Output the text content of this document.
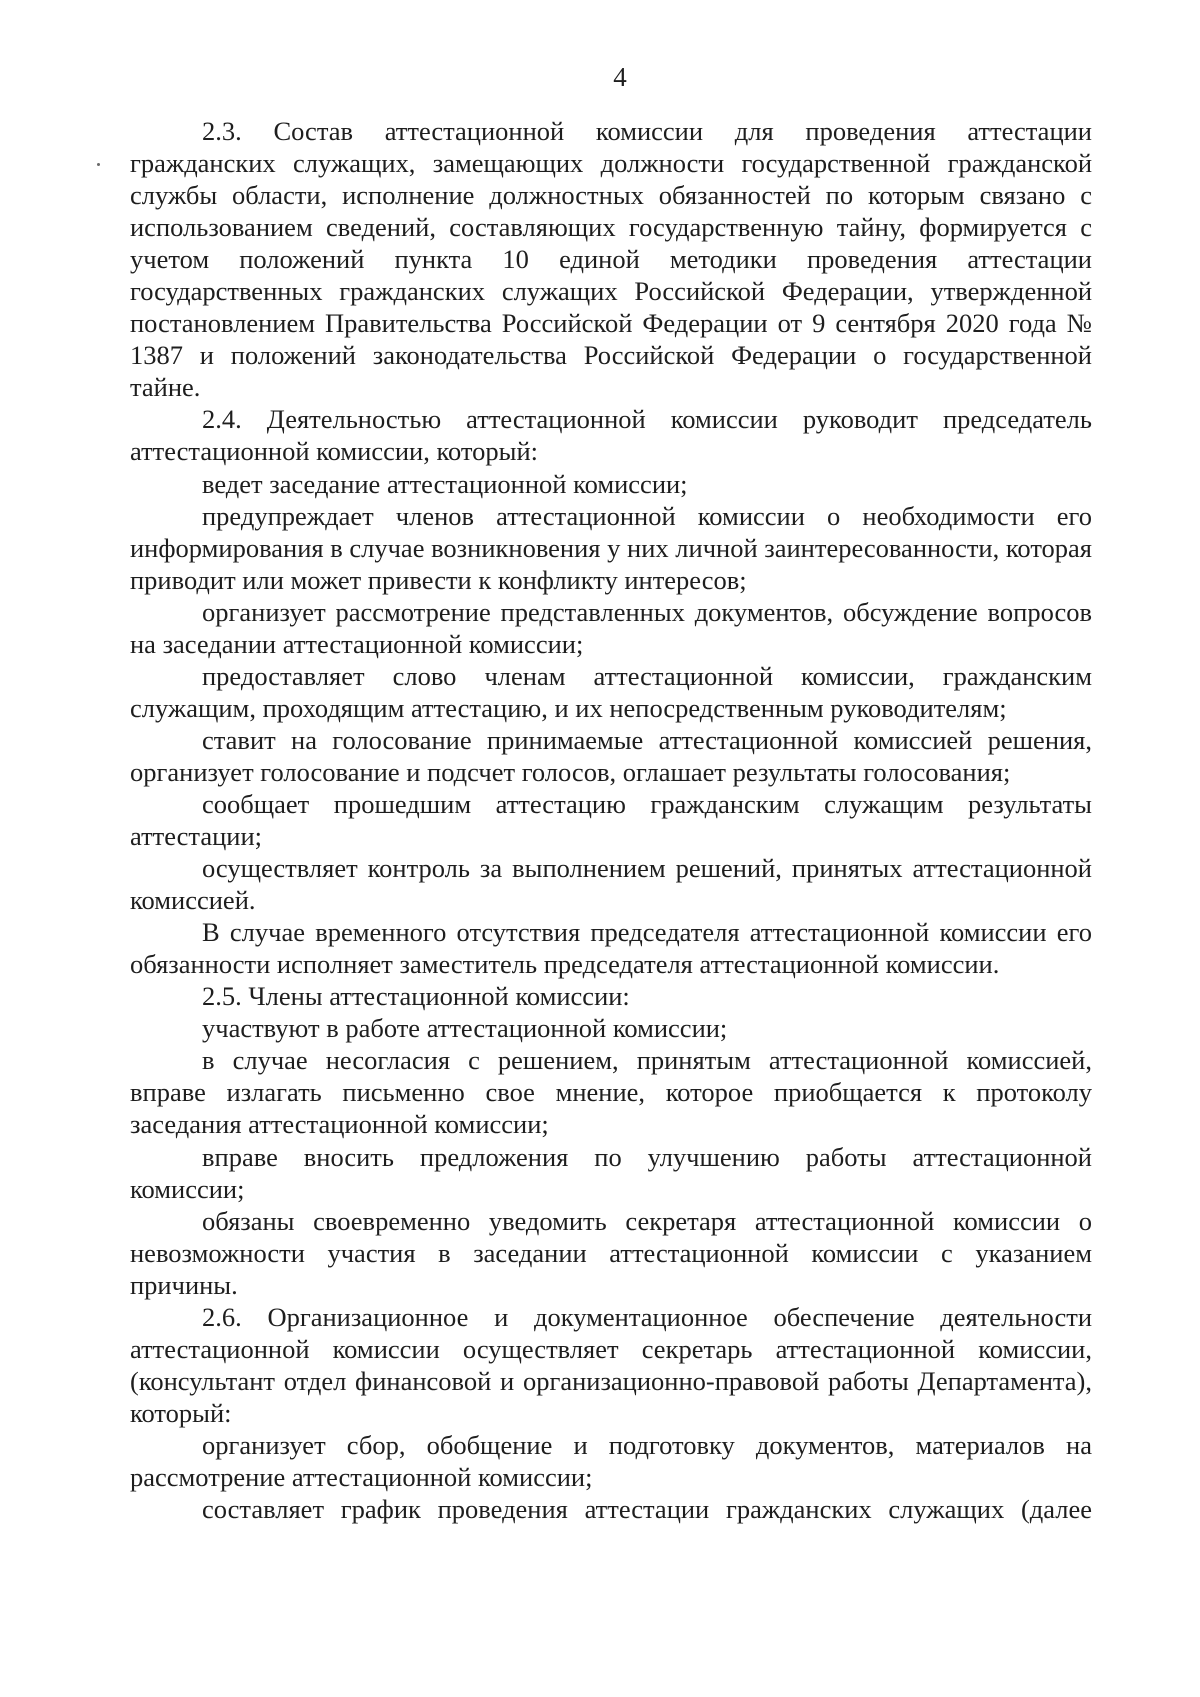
4

2.3. Состав аттестационной комиссии для проведения аттестации гражданских служащих, замещающих должности государственной гражданской службы области, исполнение должностных обязанностей по которым связано с использованием сведений, составляющих государственную тайну, формируется с учетом положений пункта 10 единой методики проведения аттестации государственных гражданских служащих Российской Федерации, утвержденной постановлением Правительства Российской Федерации от 9 сентября 2020 года № 1387 и положений законодательства Российской Федерации о государственной тайне.

2.4. Деятельностью аттестационной комиссии руководит председатель аттестационной комиссии, который:

ведет заседание аттестационной комиссии;

предупреждает членов аттестационной комиссии о необходимости его информирования в случае возникновения у них личной заинтересованности, которая приводит или может привести к конфликту интересов;

организует рассмотрение представленных документов, обсуждение вопросов на заседании аттестационной комиссии;

предоставляет слово членам аттестационной комиссии, гражданским служащим, проходящим аттестацию, и их непосредственным руководителям;

ставит на голосование принимаемые аттестационной комиссией решения, организует голосование и подсчет голосов, оглашает результаты голосования;

сообщает прошедшим аттестацию гражданским служащим результаты аттестации;

осуществляет контроль за выполнением решений, принятых аттестационной комиссией.

В случае временного отсутствия председателя аттестационной комиссии его обязанности исполняет заместитель председателя аттестационной комиссии.

2.5. Члены аттестационной комиссии:

участвуют в работе аттестационной комиссии;

в случае несогласия с решением, принятым аттестационной комиссией, вправе излагать письменно свое мнение, которое приобщается к протоколу заседания аттестационной комиссии;

вправе вносить предложения по улучшению работы аттестационной комиссии;

обязаны своевременно уведомить секретаря аттестационной комиссии о невозможности участия в заседании аттестационной комиссии с указанием причины.

2.6. Организационное и документационное обеспечение деятельности аттестационной комиссии осуществляет секретарь аттестационной комиссии, (консультант отдел финансовой и организационно-правовой работы Департамента), который:

организует сбор, обобщение и подготовку документов, материалов на рассмотрение аттестационной комиссии;

составляет график проведения аттестации гражданских служащих (далее
